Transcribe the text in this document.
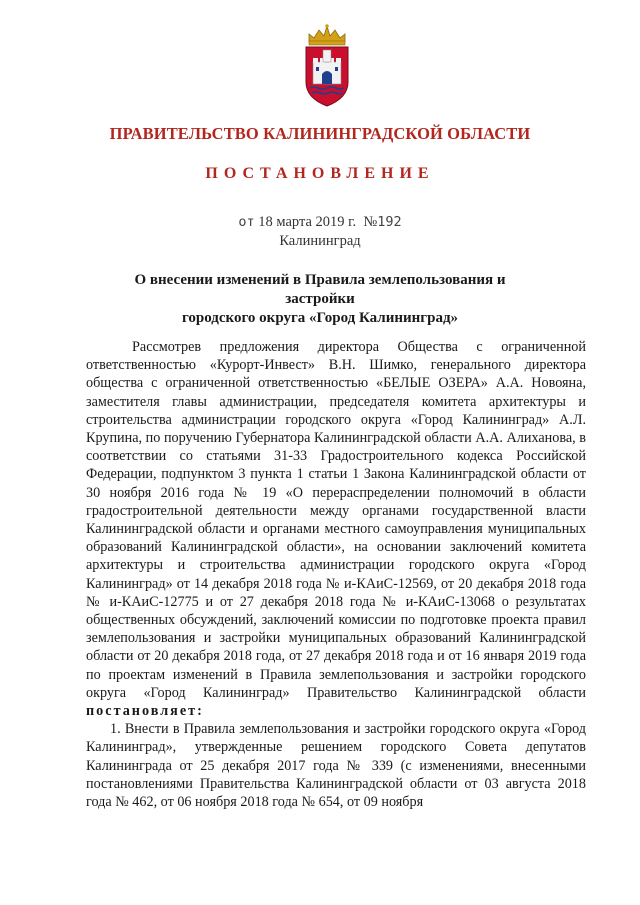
ПРАВИТЕЛЬСТВО КАЛИНИНГРАДСКОЙ ОБЛАСТИ
ПОСТАНОВЛЕНИЕ
от 18 марта 2019 г. №192
Калининград
О внесении изменений в Правила землепользования и застройки
городского округа «Город Калининград»

Рассмотрев предложения директора Общества с ограниченной ответственностью «Курорт-Инвест» В.Н. Шимко, генерального директора общества с ограниченной ответственностью «БЕЛЫЕ ОЗЕРА» А.А. Новояна, заместителя главы администрации, председателя комитета архитектуры и строительства администрации городского округа «Город Калининград» А.Л. Крупина, по поручению Губернатора Калининградской области А.А. Алиханова, в соответствии со статьями 31-33 Градостроительного кодекса Российской Федерации, подпунктом 3 пункта 1 статьи 1 Закона Калининградской области от 30 ноября 2016 года № 19 «О перераспределении полномочий в области градостроительной деятельности между органами государственной власти Калининградской области и органами местного самоуправления муниципальных образований Калининградской области», на основании заключений комитета архитектуры и строительства администрации городского округа «Город Калининград» от 14 декабря 2018 года № и-КАиС-12569, от 20 декабря 2018 года № и-КАиС-12775 и от 27 декабря 2018 года № и-КАиС-13068 о результатах общественных обсуждений, заключений комиссии по подготовке проекта правил землепользования и застройки муниципальных образований Калининградской области от 20 декабря 2018 года, от 27 декабря 2018 года и от 16 января 2019 года по проектам изменений в Правила землепользования и застройки городского округа «Город Калининград» Правительство Калининградской области постановляет:

1. Внести в Правила землепользования и застройки городского округа «Город Калининград», утвержденные решением городского Совета депутатов Калининграда от 25 декабря 2017 года № 339 (с изменениями, внесенными постановлениями Правительства Калининградской области от 03 августа 2018 года № 462, от 06 ноября 2018 года № 654, от 09 ноября
